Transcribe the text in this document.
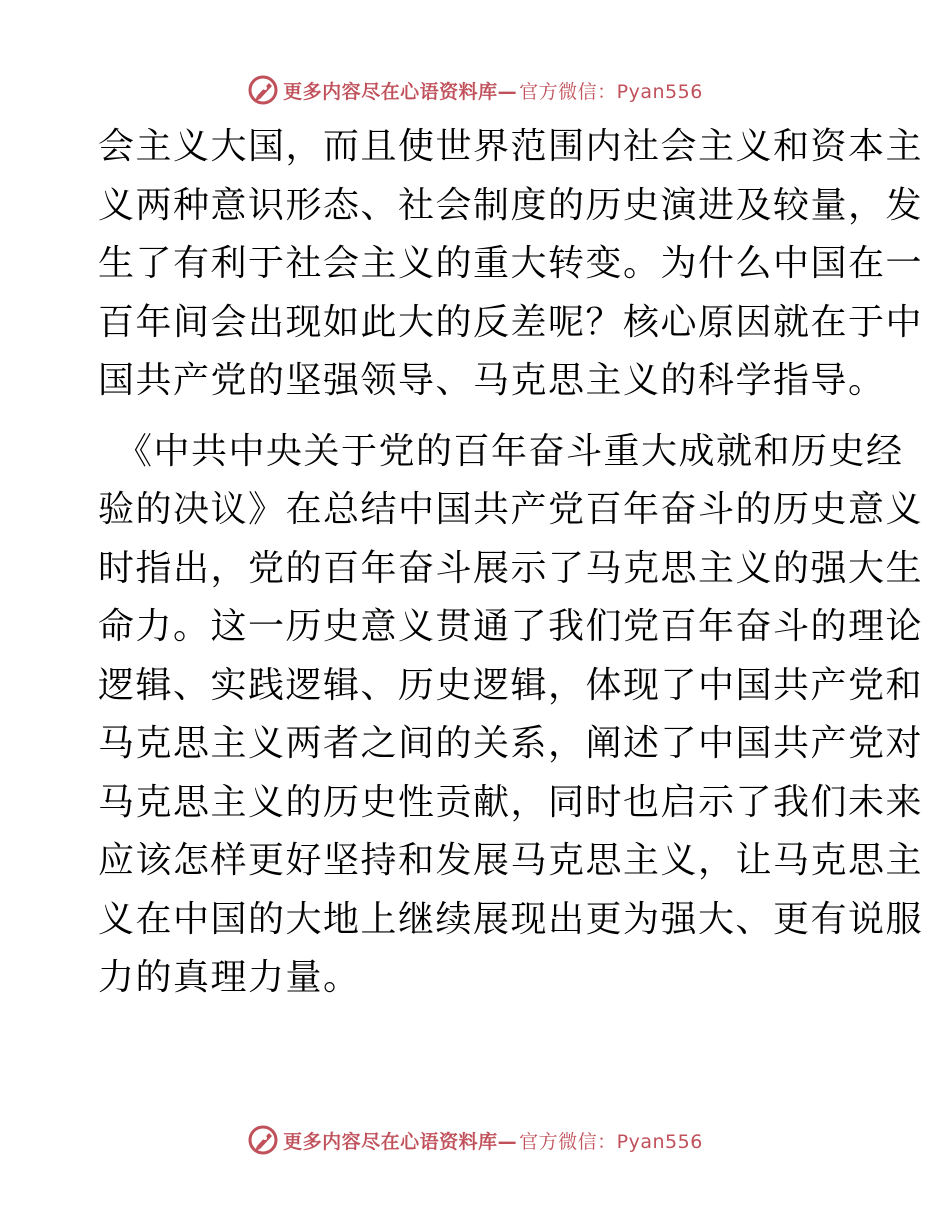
更多内容尽在心语资料库— 官方微信：Pyan556

会主义大国，而且使世界范围内社会主义和资本主
义两种意识形态、社会制度的历史演进及较量，发
生了有利于社会主义的重大转变。为什么中国在一
百年间会出现如此大的反差呢？核心原因就在于中
国共产党的坚强领导、马克思主义的科学指导。

《中共中央关于党的百年奋斗重大成就和历史经
验的决议》在总结中国共产党百年奋斗的历史意义
时指出，党的百年奋斗展示了马克思主义的强大生
命力。这一历史意义贯通了我们党百年奋斗的理论
逻辑、实践逻辑、历史逻辑，体现了中国共产党和
马克思主义两者之间的关系，阐述了中国共产党对
马克思主义的历史性贡献，同时也启示了我们未来
应该怎样更好坚持和发展马克思主义，让马克思主
义在中国的大地上继续展现出更为强大、更有说服
力的真理力量。

更多内容尽在心语资料库— 官方微信：Pyan556
